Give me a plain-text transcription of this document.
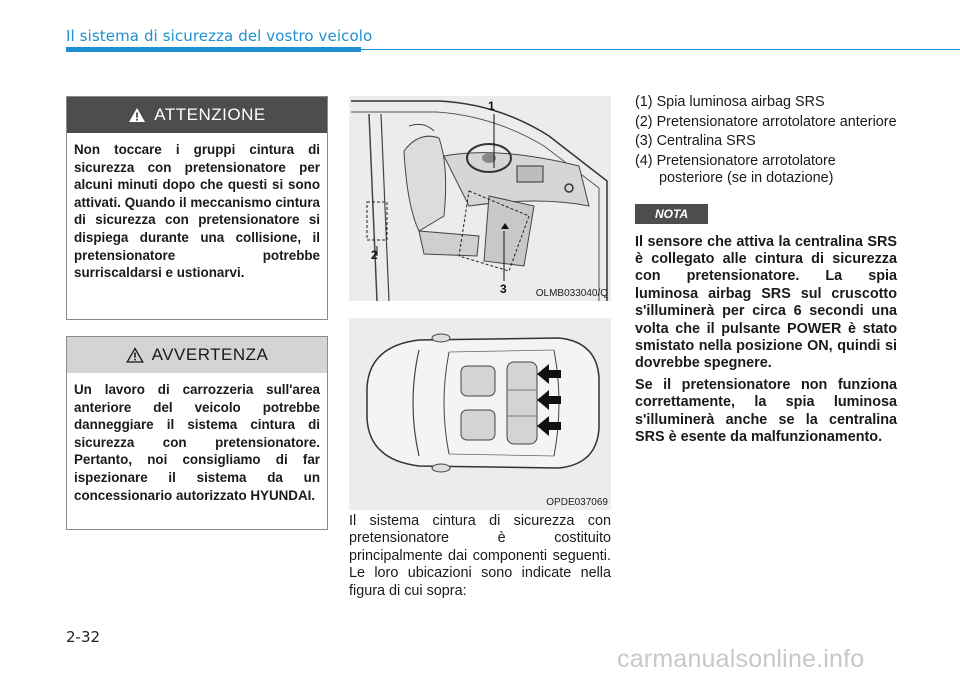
Il sistema di sicurezza del vostro veicolo
ATTENZIONE
Non toccare i gruppi cintura di sicurezza con pretensionatore per alcuni minuti dopo che questi si sono attivati. Quando il meccanismo cintura di sicurezza con pretensionatore si dispiega durante una collisione, il pretensionatore potrebbe surriscaldarsi e ustionarvi.
AVVERTENZA
Un lavoro di carrozzeria sull'area anteriore del veicolo potrebbe danneggiare il sistema cintura di sicurezza con pretensionatore. Pertanto, noi consigliamo di far ispezionare il sistema da un concessionario autorizzato HYUNDAI.
1
2
3	OLMB033040/Q
OPDE037069
Il sistema cintura di sicurezza con pretensionatore è costituito principalmente dai componenti seguenti. Le loro ubicazioni sono indicate nella figura di cui sopra:
(1) Spia luminosa airbag SRS
(2) Pretensionatore arrotolatore anteriore
(3) Centralina SRS
(4) Pretensionatore arrotolatore posteriore (se in dotazione)
NOTA

Il sensore che attiva la centralina SRS è collegato alle cintura di sicurezza con pretensionatore. La spia luminosa airbag SRS sul cruscotto s'illuminerà per circa 6 secondi una volta che il pulsante POWER è stato smistato nella posizione ON, quindi si dovrebbe spegnere.

Se il pretensionatore non funziona correttamente, la spia luminosa s'illuminerà anche se la centralina SRS è esente da malfunzionamento.

2-32
carmanualsonline.info
